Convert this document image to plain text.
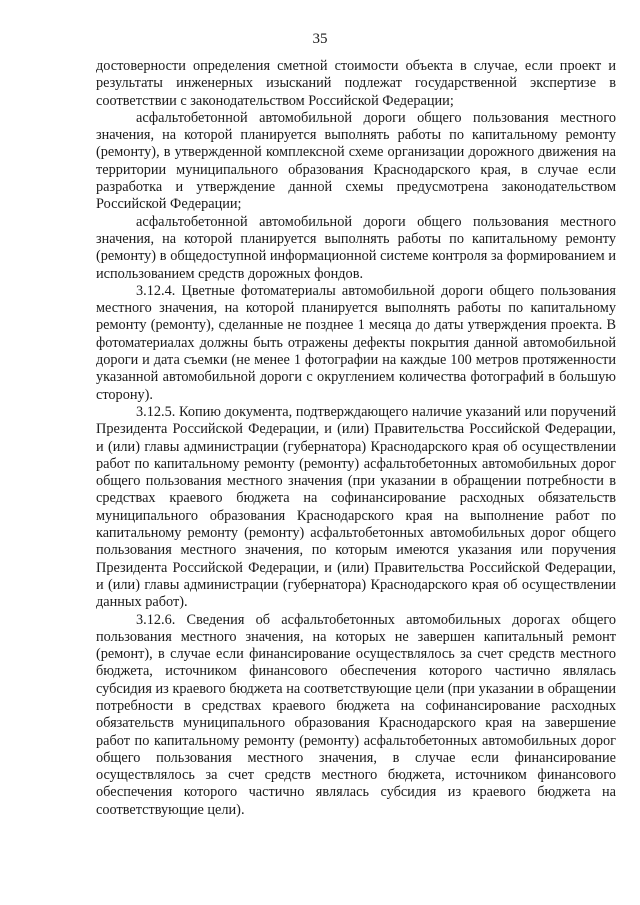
35

достоверности определения сметной стоимости объекта в случае, если проект и результаты инженерных изысканий подлежат государственной экспертизе в соответствии с законодательством Российской Федерации;

асфальтобетонной автомобильной дороги общего пользования местного значения, на которой планируется выполнять работы по капитальному ремонту (ремонту), в утвержденной комплексной схеме организации дорожного движения на территории муниципального образования Краснодарского края, в случае если разработка и утверждение данной схемы предусмотрена законодательством Российской Федерации;

асфальтобетонной автомобильной дороги общего пользования местного значения, на которой планируется выполнять работы по капитальному ремонту (ремонту) в общедоступной информационной системе контроля за формированием и использованием средств дорожных фондов.

3.12.4. Цветные фотоматериалы автомобильной дороги общего пользования местного значения, на которой планируется выполнять работы по капитальному ремонту (ремонту), сделанные не позднее 1 месяца до даты утверждения проекта. В фотоматериалах должны быть отражены дефекты покрытия данной автомобильной дороги и дата съемки (не менее 1 фотографии на каждые 100 метров протяженности указанной автомобильной дороги с округлением количества фотографий в большую сторону).

3.12.5. Копию документа, подтверждающего наличие указаний или поручений Президента Российской Федерации, и (или) Правительства Российской Федерации, и (или) главы администрации (губернатора) Краснодарского края об осуществлении работ по капитальному ремонту (ремонту) асфальтобетонных автомобильных дорог общего пользования местного значения (при указании в обращении потребности в средствах краевого бюджета на софинансирование расходных обязательств муниципального образования Краснодарского края на выполнение работ по капитальному ремонту (ремонту) асфальтобетонных автомобильных дорог общего пользования местного значения, по которым имеются указания или поручения Президента Российской Федерации, и (или) Правительства Российской Федерации, и (или) главы администрации (губернатора) Краснодарского края об осуществлении данных работ).

3.12.6. Сведения об асфальтобетонных автомобильных дорогах общего пользования местного значения, на которых не завершен капитальный ремонт (ремонт), в случае если финансирование осуществлялось за счет средств местного бюджета, источником финансового обеспечения которого частично являлась субсидия из краевого бюджета на соответствующие цели (при указании в обращении потребности в средствах краевого бюджета на софинансирование расходных обязательств муниципального образования Краснодарского края на завершение работ по капитальному ремонту (ремонту) асфальтобетонных автомобильных дорог общего пользования местного значения, в случае если финансирование осуществлялось за счет средств местного бюджета, источником финансового обеспечения которого частично являлась субсидия из краевого бюджета на соответствующие цели).
